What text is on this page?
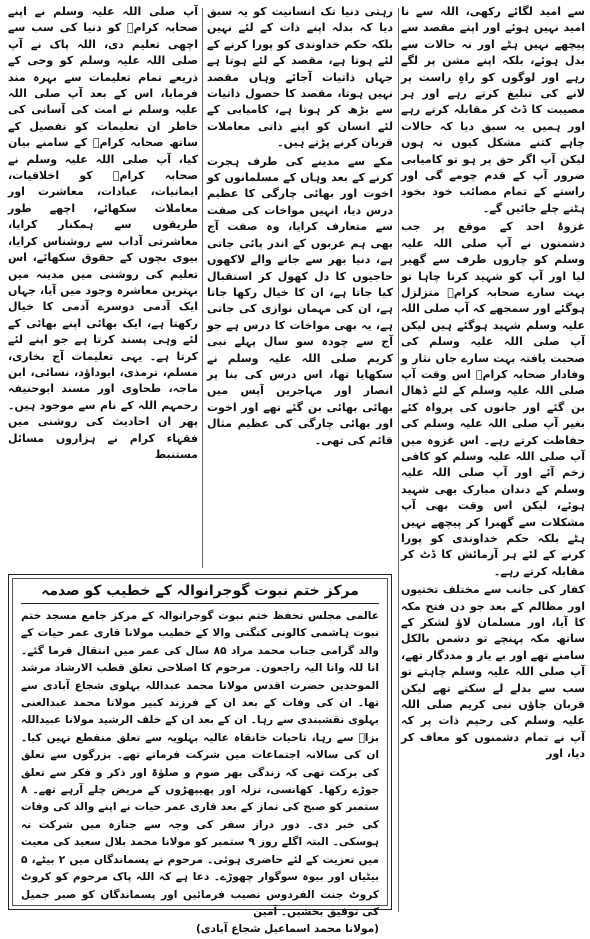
سے امید لگائے رکھی، اللہ سے نا امید نہیں ہوئے اور اپنے مقصد سے پیچھے نہیں ہٹے اور نہ حالات سے بدل ہوئے، بلکہ اپنے مشن پر لگے رہے اور لوگوں کو راہِ راست پر لانے کی تبلیغ کرتے رہے اور ہر مصیبت کا ڈٹ کر مقابلہ کرتے رہے اور ہمیں یہ سبق دیا کہ حالات چاہے کتنے مشکل کیوں نہ ہوں لیکن آپ اگر حق پر ہو تو کامیابی ضرور آپ کے قدم چومے گی اور راستے کے تمام مصائب خود بخود ہٹتے چلے جائیں گے۔

غزوۂ احد کے موقع پر جب دشمنوں نے آپ صلی اللہ علیہ وسلم کو چاروں طرف سے گھیر لیا اور آپ کو شہید کرنا چاہا تو بہت سارے صحابہ کرامؓ متزلزل ہوگئے اور سمجھے کہ آپ صلی اللہ علیہ وسلم شہید ہوگئے ہیں لیکن آپ صلی اللہ علیہ وسلم کی صحبت یافتہ بہت سارے جاں نثار و وفادار صحابہ کرامؓ اس وقت آپ صلی اللہ علیہ وسلم کے لئے ڈھال بن گئے اور جانوں کی پرواہ کئے بغیر آپ صلی اللہ علیہ وسلم کی حفاظت کرتے رہے۔ اس غزوہ میں آپ صلی اللہ علیہ وسلم کو کافی زخم آئے اور آپ صلی اللہ علیہ وسلم کے دندان مبارک بھی شہید ہوئے، لیکن اس وقت بھی آپ مشکلات سے گھبرا کر پیچھے نہیں ہٹے بلکہ حکم خداوندی کو پورا کرنے کے لئے ہر آزمائش کا ڈٹ کر مقابلہ کرتے رہے۔

کفار کی جانب سے مختلف تختیوں اور مظالم کے بعد جو دن فتح مکہ کا آیا، اور مسلمان لاؤ لشکر کے ساتھ مکہ پہنچے تو دشمن بالکل سامنے تھے اور بے یار و مددگار تھے، آپ صلی اللہ علیہ وسلم چاہتے تو سب سے بدلے لے سکتے تھے لیکن قربان جاؤں نبی کریم صلی اللہ علیہ وسلم کی رحیم ذات پر کہ آپ نے تمام دشمنوں کو معاف کر دیا، اور

رہتی دنیا تک انسانیت کو یہ سبق دیا کہ بدلہ اپنے ذات کے لئے نہیں بلکہ حکم خداوندی کو پورا کرنے کے لئے ہوتا ہے، مقصد کے لئے ہوتا ہے جہاں ذاتیات آجائے وہاں مقصد نہیں ہوتا، مقصد کا حصول ذاتیات سے بڑھ کر ہوتا ہے، کامیابی کے لئے انسان کو اپنے ذاتی معاملات قربان کرنے پڑتے ہیں۔

مکے سے مدینے کی طرف ہجرت کرنے کے بعد وہاں کے مسلمانوں کو اخوت اور بھائی چارگی کا عظیم درس دیا، انہیں مواخات کی صفت سے متعارف کرایا، وہ صفت آج بھی ہم عربوں کے اندر پائی جاتی ہے، دنیا بھر سے جانے والے لاکھوں حاجیوں کا دل کھول کر استقبال کیا جاتا ہے، ان کا خیال رکھا جاتا ہے، ان کی مہمان نوازی کی جاتی ہے، یہ بھی مواخات کا درس ہے جو آج سے چودہ سو سال پہلے نبی کریم صلی اللہ علیہ وسلم نے سکھایا تھا، اس درس کی بنا پر انصار اور مہاجرین آپس میں بھائی بھائی بن گئے تھے اور اخوت اور بھائی چارگی کی عظیم مثال قائم کی تھی۔

آپ صلی اللہ علیہ وسلم نے اپنے صحابہ کرامؓ کو دنیا کی سب سے اچھی تعلیم دی، اللہ پاک نے آپ صلی اللہ علیہ وسلم کو وحی کے ذریعے تمام تعلیمات سے بہرہ مند فرمایا، اس کے بعد آپ صلی اللہ علیہ وسلم نے امت کی آسانی کی خاطر ان تعلیمات کو تفصیل کے ساتھ صحابہ کرامؓ کے سامنے بیان کیا، آپ صلی اللہ علیہ وسلم نے صحابہ کرامؓ کو اخلاقیات، ایمانیات، عبادات، معاشرت اور معاملات سکھائے، اچھے طور طریقوں سے ہمکنار کرایا، معاشرتی آداب سے روشناس کرایا، بیوی بچوں کے حقوق سکھائے، اس تعلیم کی روشنی میں مدینہ میں بہترین معاشرہ وجود میں آیا، جہاں ایک آدمی دوسرے آدمی کا خیال رکھتا ہے، ایک بھائی اپنے بھائی کے لئے وہی پسند کرتا ہے جو اپنے لئے کرتا ہے۔ یہی تعلیمات آج بخاری، مسلم، ترمذی، ابوداؤد، نسائی، ابن ماجہ، طحاوی اور مسند ابوحنیفہ رحمہم اللہ کے نام سے موجود ہیں۔ پھر ان احادیث کی روشنی میں فقہاء کرام نے ہزاروں مسائل مستنبط

مرکز ختم نبوت گوجرانوالہ کے خطیب کو صدمہ

عالمی مجلس تحفظ ختم نبوت گوجرانوالہ کے مرکز جامع مسجد ختم نبوت ہاشمی کالونی کنگنی والا کے خطیب مولانا قاری عمر حیات کے والد گرامی جناب محمد مراد ۸۵ سال کی عمر میں انتقال فرما گئے۔ انا للہ وانا الیہ راجعون۔ مرحوم کا اصلاحی تعلق قطب الارشاد مرشد الموحدین حضرت اقدس مولانا محمد عبداللہ بہلوی شجاع آبادی سے تھا۔ ان کی وفات کے بعد ان کے فرزند کبیر مولانا محمد عبدالغنی بہلوی نقشبندی سے رہا۔ ان کے بعد ان کے خلف الرشید مولانا عبیداللہ بزاؒ سے رہا، تاحیات خانقاہ عالیہ بہلویہ سے تعلق منقطع نہیں کیا۔ ان کی سالانہ اجتماعات میں شرکت فرماتے تھے۔ بزرگوں سے تعلق کی برکت تھی کہ زندگی بھر صوم و صلوٰۃ اور ذکر و فکر سے تعلق جوڑے رکھا۔ کھانسی، نزلہ اور پھیپھڑوں کے مریض چلے آرہے تھے۔ ۸ ستمبر کو صبح کی نماز کے بعد قاری عمر حیات نے اپنے والد کی وفات کی خبر دی۔ دور دراز سفر کی وجہ سے جنازہ میں شرکت نہ ہوسکی۔ البتہ اگلے روز ۹ ستمبر کو مولانا محمد بلال سعید کی معیت میں تعزیت کے لئے حاضری ہوئی۔ مرحوم نے پسماندگان میں ۲ بیٹے، ۵ بیٹیاں اور بیوہ سوگوار چھوڑے۔ دعا ہے کہ اللہ پاک مرحوم کو کروٹ کروٹ جنت الفردوس نصیب فرمائیں اور پسماندگان کو صبر جمیل کی توفیق بخشیں۔ آمین

(مولانا محمد اسماعیل شجاع آبادی)
